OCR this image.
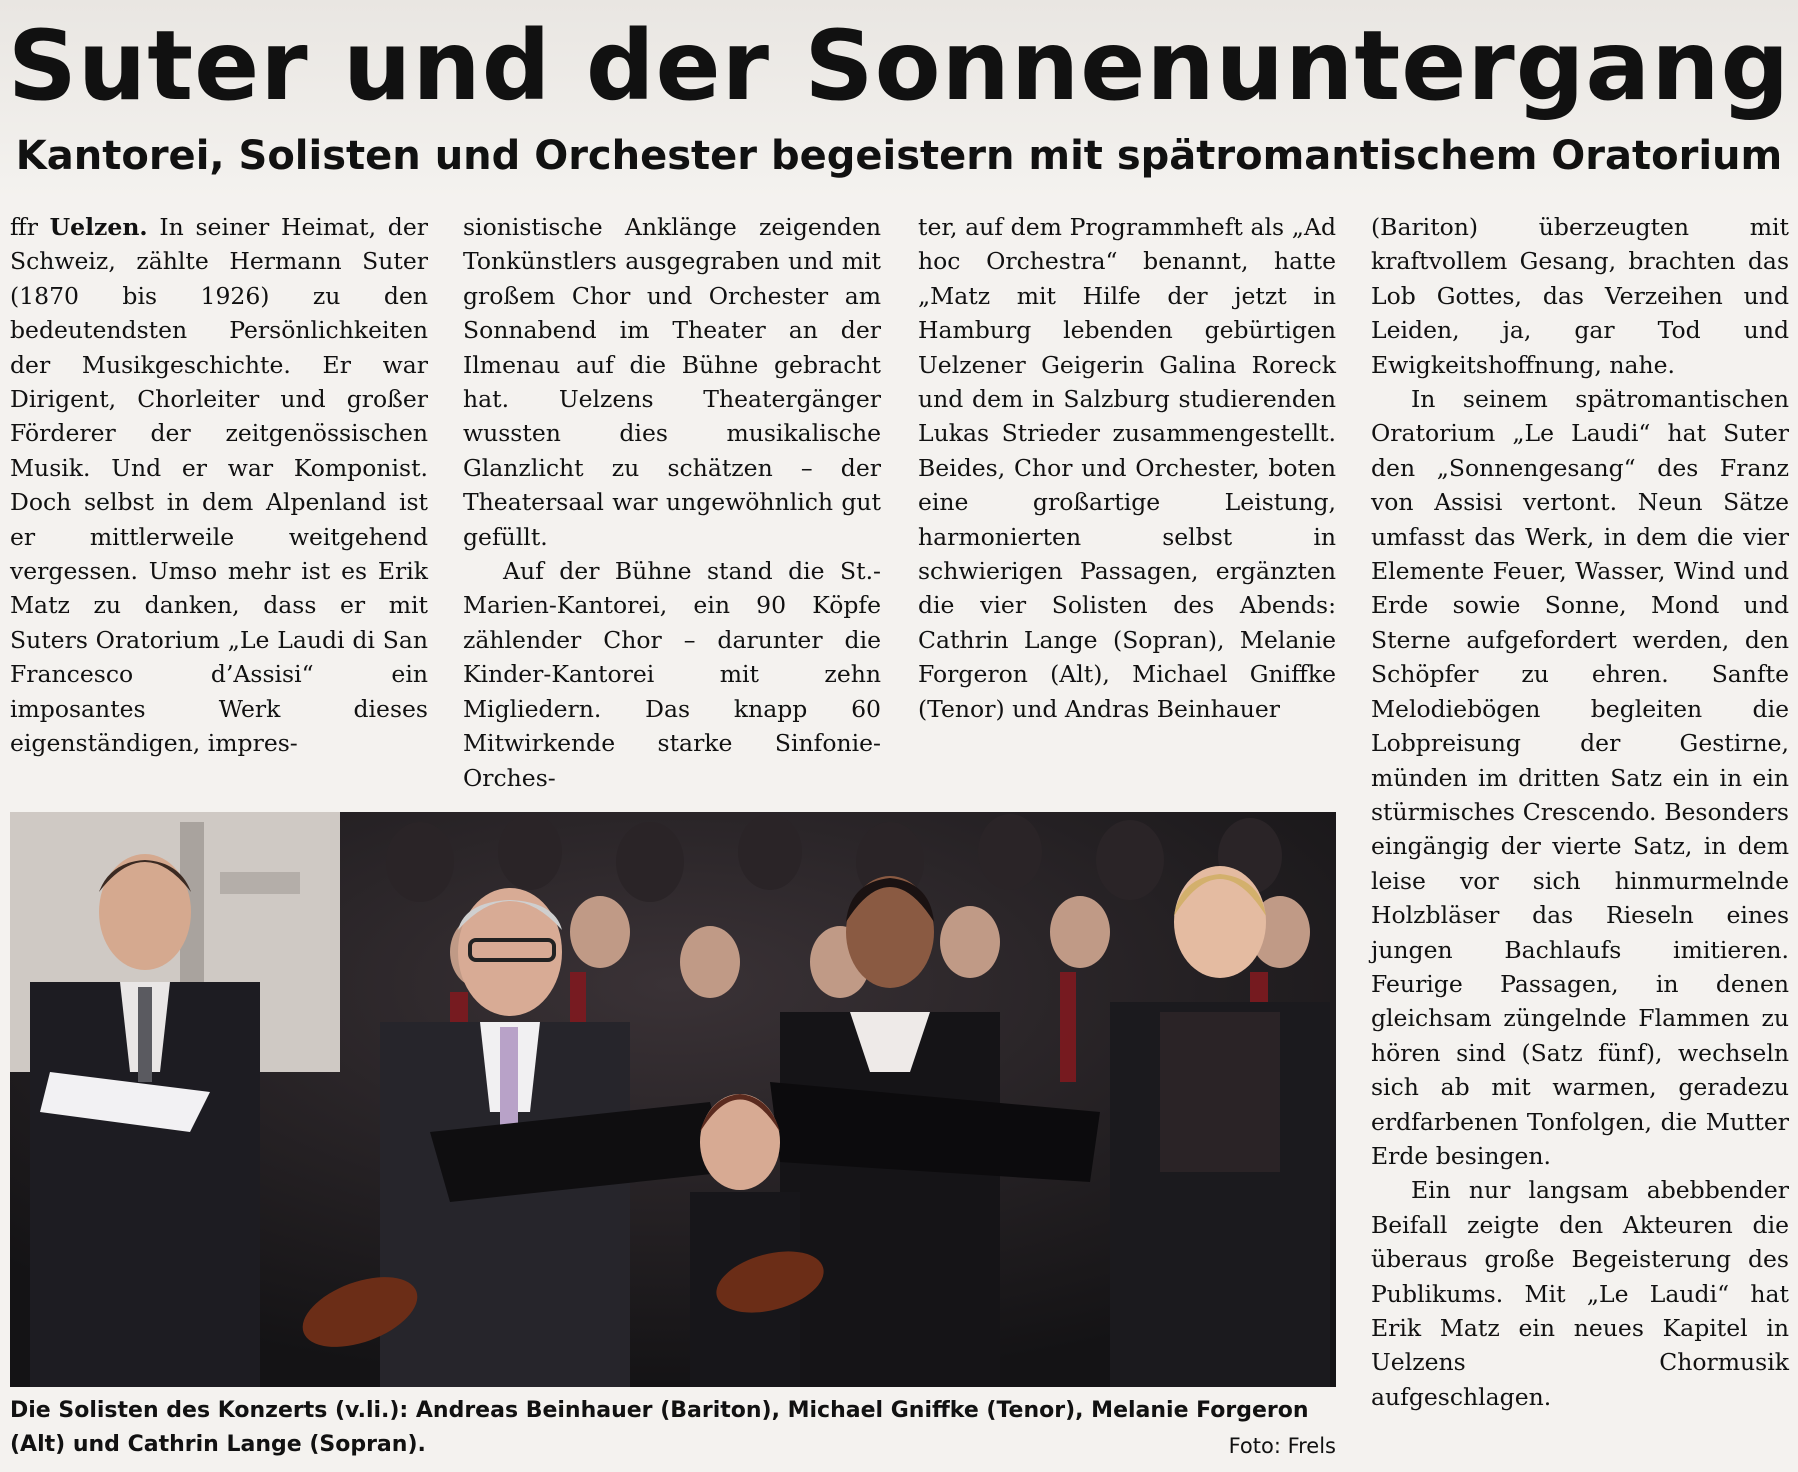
Suter und der Sonnenuntergang
Kantorei, Solisten und Orchester begeistern mit spätromantischem Oratorium

ffr Uelzen. In seiner Heimat, der Schweiz, zählte Hermann Suter (1870 bis 1926) zu den bedeutendsten Persönlichkeiten der Musikgeschichte. Er war Dirigent, Chorleiter und großer Förderer der zeitgenössischen Musik. Und er war Komponist. Doch selbst in dem Alpenland ist er mittlerweile weitgehend vergessen. Umso mehr ist es Erik Matz zu danken, dass er mit Suters Oratorium „Le Laudi di San Francesco d’Assisi“ ein imposantes Werk dieses eigenständigen, impres-

sionistische Anklänge zeigenden Tonkünstlers ausgegraben und mit großem Chor und Orchester am Sonnabend im Theater an der Ilmenau auf die Bühne gebracht hat. Uelzens Theatergänger wussten dies musikalische Glanzlicht zu schätzen – der Theatersaal war ungewöhnlich gut gefüllt.

Auf der Bühne stand die St.-Marien-Kantorei, ein 90 Köpfe zählender Chor – darunter die Kinder-Kantorei mit zehn Migliedern. Das knapp 60 Mitwirkende starke Sinfonie-Orches-

ter, auf dem Programmheft als „Ad hoc Orchestra“ benannt, hatte „Matz mit Hilfe der jetzt in Hamburg lebenden gebürtigen Uelzener Geigerin Galina Roreck und dem in Salzburg studierenden Lukas Strieder zusammengestellt. Beides, Chor und Orchester, boten eine großartige Leistung, harmonierten selbst in schwierigen Passagen, ergänzten die vier Solisten des Abends: Cathrin Lange (Sopran), Melanie Forgeron (Alt), Michael Gniffke (Tenor) und Andras Beinhauer

(Bariton) überzeugten mit kraftvollem Gesang, brachten das Lob Gottes, das Verzeihen und Leiden, ja, gar Tod und Ewigkeitshoffnung, nahe.

In seinem spätromantischen Oratorium „Le Laudi“ hat Suter den „Sonnengesang“ des Franz von Assisi vertont. Neun Sätze umfasst das Werk, in dem die vier Elemente Feuer, Wasser, Wind und Erde sowie Sonne, Mond und Sterne aufgefordert werden, den Schöpfer zu ehren. Sanfte Melodiebögen begleiten die Lobpreisung der Gestirne, münden im dritten Satz ein in ein stürmisches Crescendo. Besonders eingängig der vierte Satz, in dem leise vor sich hinmurmelnde Holzbläser das Rieseln eines jungen Bachlaufs imitieren. Feurige Passagen, in denen gleichsam züngelnde Flammen zu hören sind (Satz fünf), wechseln sich ab mit warmen, geradezu erdfarbenen Tonfolgen, die Mutter Erde besingen.

Ein nur langsam abebbender Beifall zeigte den Akteuren die überaus große Begeisterung des Publikums. Mit „Le Laudi“ hat Erik Matz ein neues Kapitel in Uelzens Chormusik aufgeschlagen.

Die Solisten des Konzerts (v.li.): Andreas Beinhauer (Bariton), Michael Gniffke (Tenor), Melanie Forgeron (Alt) und Cathrin Lange (Sopran).	Foto: Frels
